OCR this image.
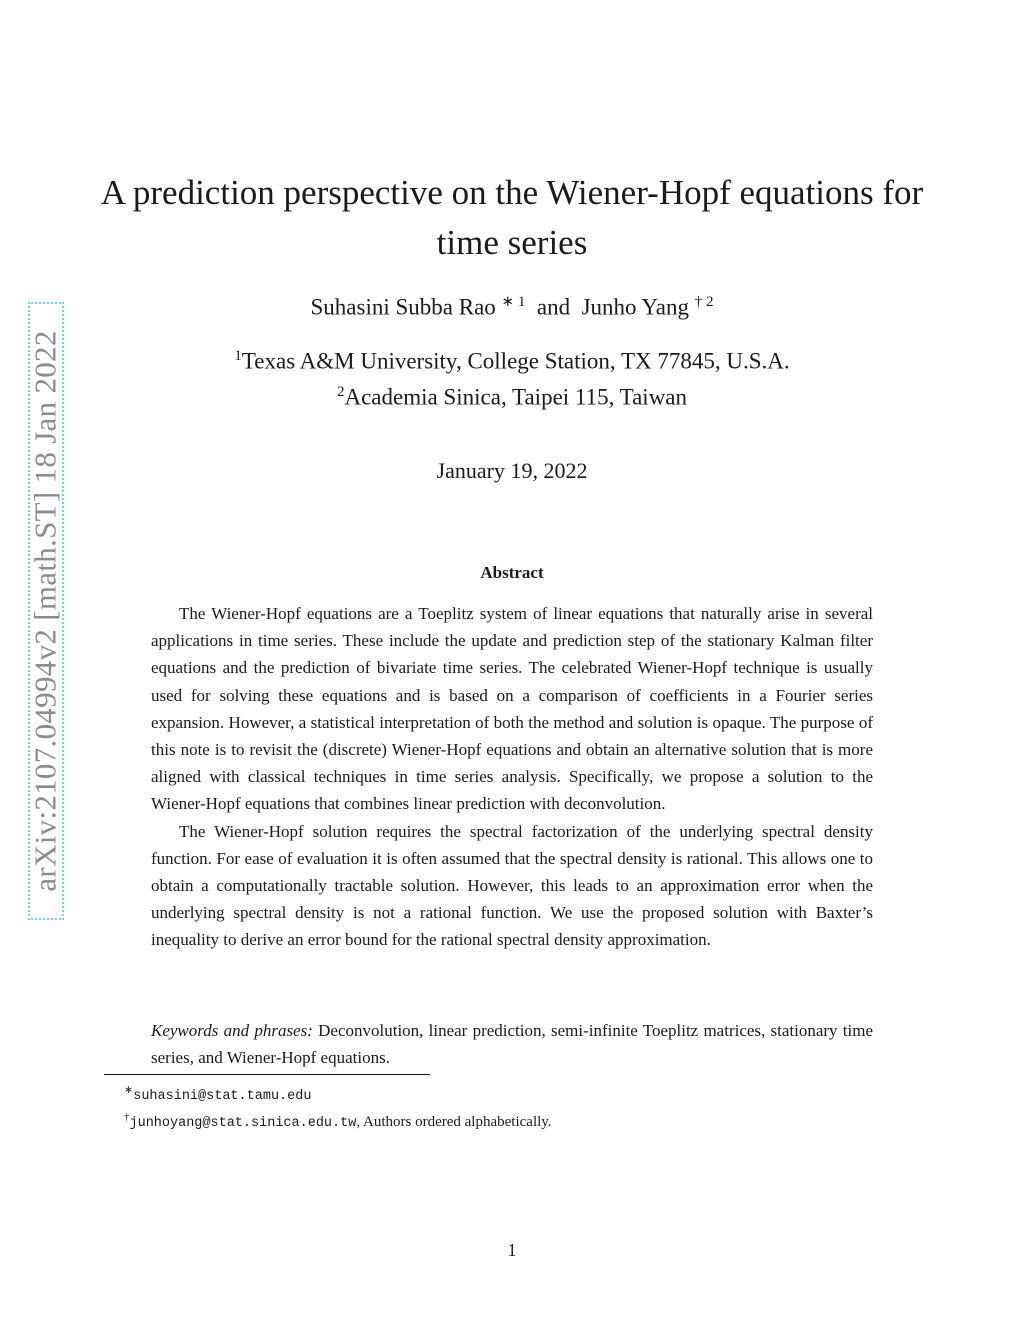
arXiv:2107.04994v2 [math.ST] 18 Jan 2022
A prediction perspective on the Wiener-Hopf equations for time series
Suhasini Subba Rao $^{∗ 1}$  and  Junho Yang $^{\dagger 2}$
$^1$Texas A&M University, College Station, TX 77845, U.S.A.
$^2$Academia Sinica, Taipei 115, Taiwan
January 19, 2022
Abstract

The Wiener-Hopf equations are a Toeplitz system of linear equations that naturally arise in several applications in time series. These include the update and prediction step of the stationary Kalman filter equations and the prediction of bivariate time series. The celebrated Wiener-Hopf technique is usually used for solving these equations and is based on a comparison of coefficients in a Fourier series expansion. However, a statistical interpretation of both the method and solution is opaque. The purpose of this note is to revisit the (discrete) Wiener-Hopf equations and obtain an alternative solution that is more aligned with classical techniques in time series analysis. Specifically, we propose a solution to the Wiener-Hopf equations that combines linear prediction with deconvolution.

The Wiener-Hopf solution requires the spectral factorization of the underlying spectral density function. For ease of evaluation it is often assumed that the spectral density is rational. This allows one to obtain a computationally tractable solution. However, this leads to an approximation error when the underlying spectral density is not a rational function. We use the proposed solution with Baxter’s inequality to derive an error bound for the rational spectral density approximation.

Keywords and phrases: Deconvolution, linear prediction, semi-infinite Toeplitz matrices, stationary time series, and Wiener-Hopf equations.
∗suhasini@stat.tamu.edu
†junhoyang@stat.sinica.edu.tw, Authors ordered alphabetically.
1
